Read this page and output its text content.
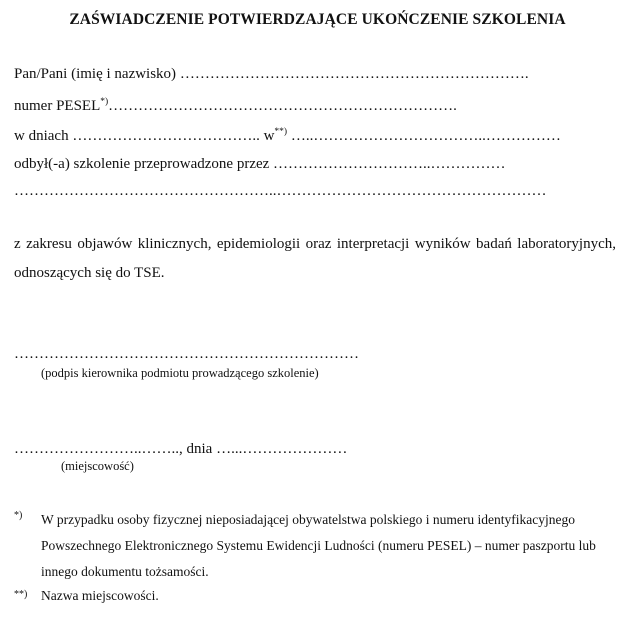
ZAŚWIADCZENIE POTWIERDZAJĄCE UKOŃCZENIE SZKOLENIA
Pan/Pani (imię i nazwisko) …………………………………………………………….
numer PESEL*)…………………………………………………………….
w dniach ……………………………….. w**) …..……………………………..……………
odbył(-a) szkolenie przeprowadzone przez …………………………..……………
……………………………………………..………………………………………………
z zakresu objawów klinicznych, epidemiologii oraz interpretacji wyników badań laboratoryjnych, odnoszących się do TSE.
……………………………………………………………
(podpis kierownika podmiotu prowadzącego szkolenie)
……………………..…….., dnia …...…………………
(miejscowość)
*) W przypadku osoby fizycznej nieposiadającej obywatelstwa polskiego i numeru identyfikacyjnego Powszechnego Elektronicznego Systemu Ewidencji Ludności (numeru PESEL) – numer paszportu lub innego dokumentu tożsamości.
**) Nazwa miejscowości.
